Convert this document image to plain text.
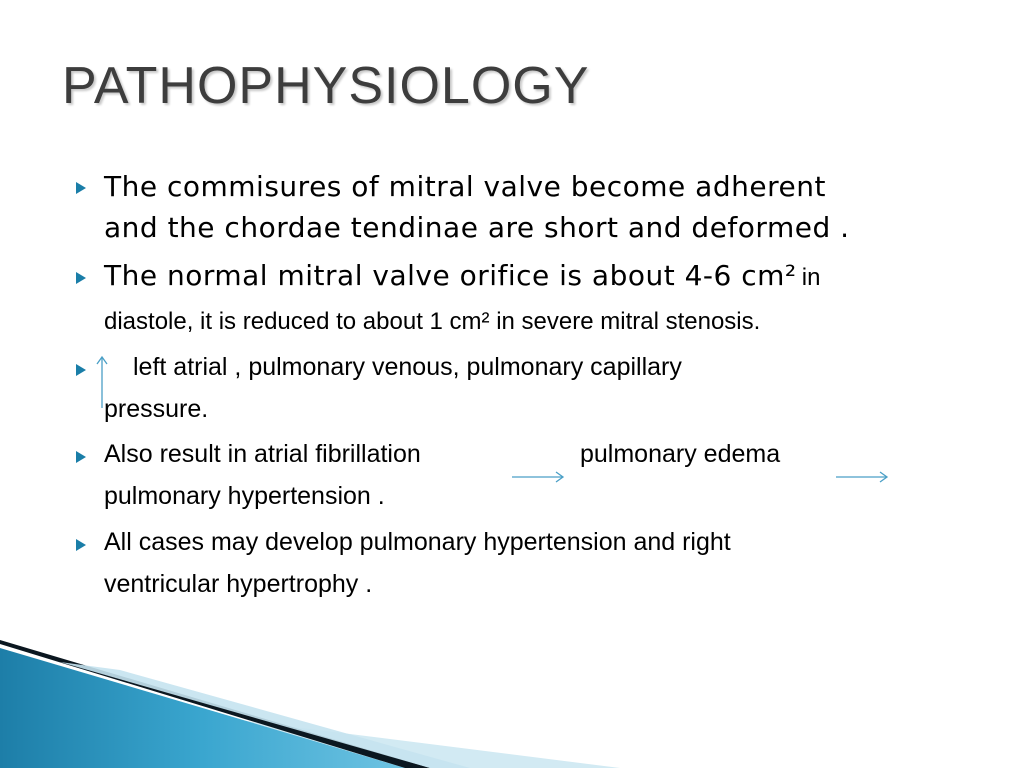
PATHOPHYSIOLOGY
The commisures of mitral valve become adherent
and the chordae tendinae are short and deformed .
The normal mitral valve orifice is about 4-6 cm² in
diastole, it is reduced to about 1 cm² in severe mitral stenosis.
left atrial , pulmonary venous, pulmonary capillary
pressure.
Also result in atrial fibrillation	pulmonary edema
pulmonary hypertension .
All cases may develop pulmonary hypertension and right
ventricular hypertrophy .
